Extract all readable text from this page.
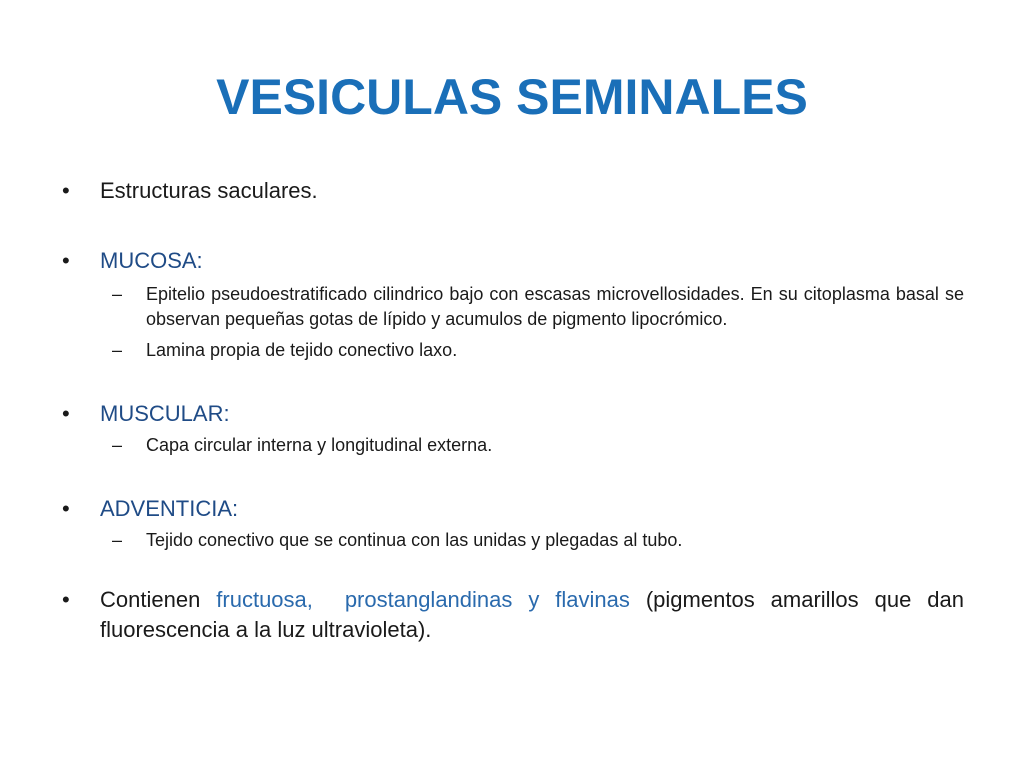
VESICULAS SEMINALES
• Estructuras saculares.
• MUCOSA:
– Epitelio pseudoestratificado cilindrico bajo con escasas microvellosidades. En su citoplasma basal se observan pequeñas gotas de lípido y acumulos de pigmento lipocrómico.
– Lamina propia de tejido conectivo laxo.
• MUSCULAR:
– Capa circular interna y longitudinal externa.
• ADVENTICIA:
– Tejido conectivo que se continua con las unidas y plegadas al tubo.
• Contienen fructuosa, prostanglandinas y flavinas (pigmentos amarillos que dan fluorescencia a la luz ultravioleta).
